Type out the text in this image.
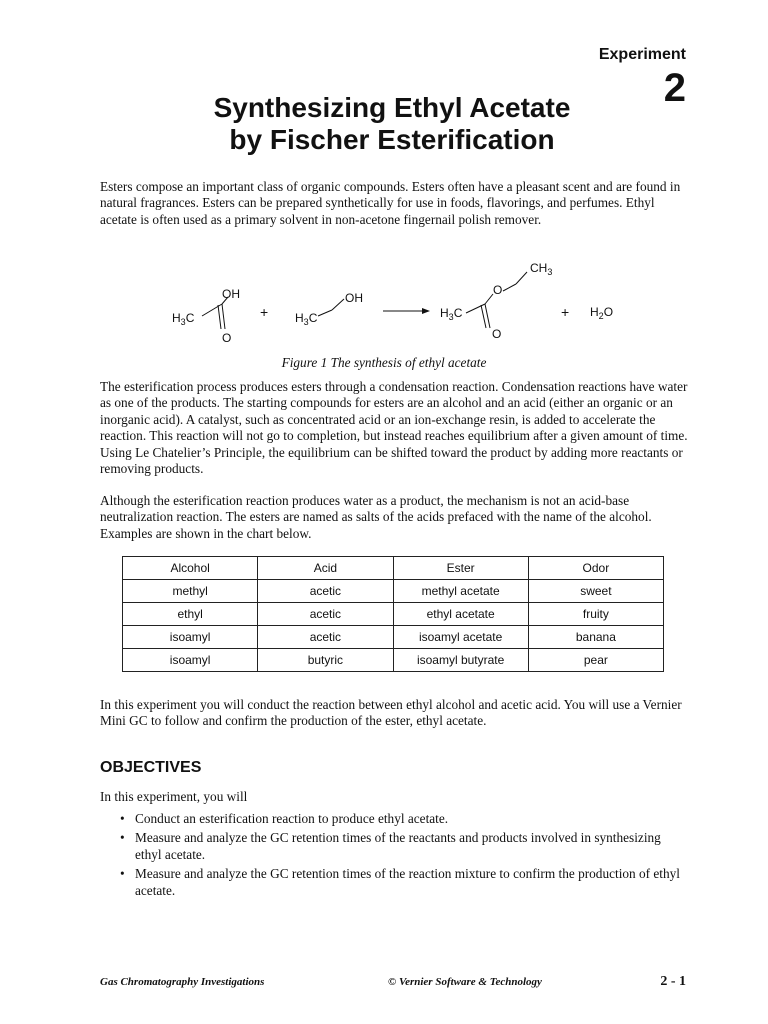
Experiment
2
Synthesizing Ethyl Acetate
by Fischer Esterification
Esters compose an important class of organic compounds. Esters often have a pleasant scent and are found in natural fragrances. Esters can be prepared synthetically for use in foods, flavorings, and perfumes. Ethyl acetate is often used as a primary solvent in non-acetone fingernail polish remover.
OH
$H_3C$
O
+
OH
$H_3C$
O
$CH_3$
$H_3C$
O
+ $H_2O$
Figure 1 The synthesis of ethyl acetate
The esterification process produces esters through a condensation reaction. Condensation reactions have water as one of the products. The starting compounds for esters are an alcohol and an acid (either an organic or an inorganic acid). A catalyst, such as concentrated acid or an ion-exchange resin, is added to accelerate the reaction. This reaction will not go to completion, but instead reaches equilibrium after a given amount of time. Using Le Chatelier’s Principle, the equilibrium can be shifted toward the product by adding more reactants or removing products.
Although the esterification reaction produces water as a product, the mechanism is not an acid-base neutralization reaction. The esters are named as salts of the acids prefaced with the name of the alcohol. Examples are shown in the chart below.
Alcohol	Acid	Ester	Odor
methyl	acetic	methyl acetate	sweet
ethyl	acetic	ethyl acetate	fruity
isoamyl	acetic	isoamyl acetate	banana
isoamyl	butyric	isoamyl butyrate	pear
In this experiment you will conduct the reaction between ethyl alcohol and acetic acid. You will use a Vernier Mini GC to follow and confirm the production of the ester, ethyl acetate.
OBJECTIVES
In this experiment, you will
• Conduct an esterification reaction to produce ethyl acetate.
• Measure and analyze the GC retention times of the reactants and products involved in synthesizing ethyl acetate.
• Measure and analyze the GC retention times of the reaction mixture to confirm the production of ethyl acetate.
Gas Chromatography Investigations	© Vernier Software & Technology	2 - 1
